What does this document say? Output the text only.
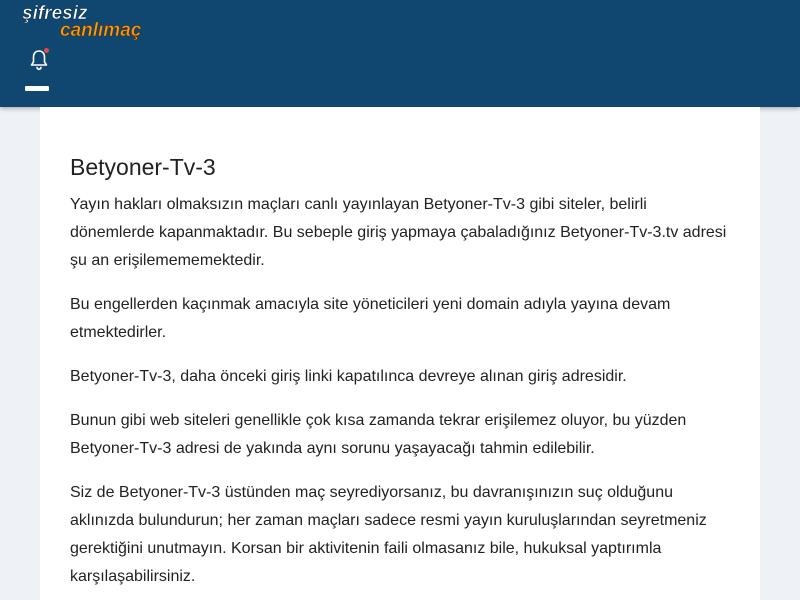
şifresiz
canlımaç
Betyoner-Tv-3

Yayın hakları olmaksızın maçları canlı yayınlayan Betyoner-Tv-3 gibi siteler, belirli dönemlerde kapanmaktadır. Bu sebeple giriş yapmaya çabaladığınız Betyoner-Tv-3.tv adresi şu an erişilemememektedir.

Bu engellerden kaçınmak amacıyla site yöneticileri yeni domain adıyla yayına devam etmektedirler.

Betyoner-Tv-3, daha önceki giriş linki kapatılınca devreye alınan giriş adresidir.

Bunun gibi web siteleri genellikle çok kısa zamanda tekrar erişilemez oluyor, bu yüzden Betyoner-Tv-3 adresi de yakında aynı sorunu yaşayacağı tahmin edilebilir.

Siz de Betyoner-Tv-3 üstünden maç seyrediyorsanız, bu davranışınızın suç olduğunu aklınızda bulundurun; her zaman maçları sadece resmi yayın kuruluşlarından seyretmeniz gerektiğini unutmayın. Korsan bir aktivitenin faili olmasanız bile, hukuksal yaptırımla karşılaşabilirsiniz.
